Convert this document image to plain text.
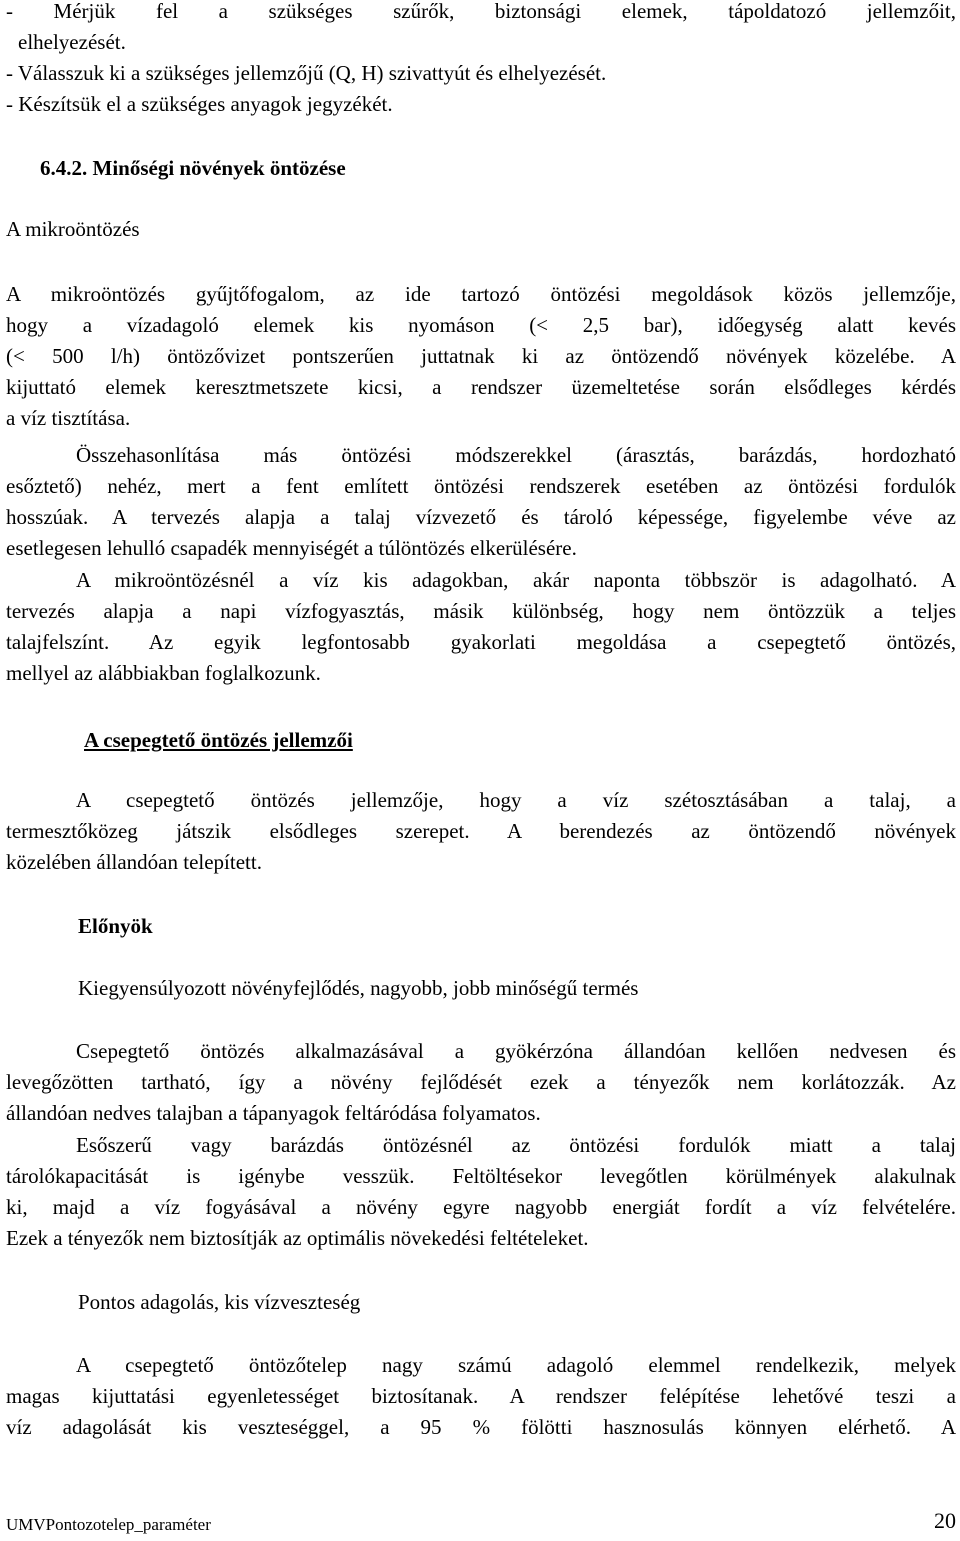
- Mérjük fel a szükséges szűrők, biztonsági elemek, tápoldatozó jellemzőit,
elhelyezését.
- Válasszuk ki a szükséges jellemzőjű (Q, H) szivattyút és elhelyezését.
- Készítsük el a szükséges anyagok jegyzékét.
6.4.2. Minőségi növények öntözése
A mikroöntözés
A mikroöntözés gyűjtőfogalom, az ide tartozó öntözési megoldások közös jellemzője,
hogy a vízadagoló elemek kis nyomáson (< 2,5 bar), időegység alatt kevés
(< 500 l/h) öntözővizet pontszerűen juttatnak ki az öntözendő növények közelébe. A
kijuttató elemek keresztmetszete kicsi, a rendszer üzemeltetése során elsődleges kérdés
a víz tisztítása.
Összehasonlítása más öntözési módszerekkel (árasztás, barázdás, hordozható
esőztető) nehéz, mert a fent említett öntözési rendszerek esetében az öntözési fordulók
hosszúak. A tervezés alapja a talaj vízvezető és tároló képessége, figyelembe véve az
esetlegesen lehulló csapadék mennyiségét a túlöntözés elkerülésére.
A mikroöntözésnél a víz kis adagokban, akár naponta többször is adagolható. A
tervezés alapja a napi vízfogyasztás, másik különbség, hogy nem öntözzük a teljes
talajfelszínt. Az egyik legfontosabb gyakorlati megoldása a csepegtető öntözés,
mellyel az alábbiakban foglalkozunk.
A csepegtető öntözés jellemzői
A csepegtető öntözés jellemzője, hogy a víz szétosztásában a talaj, a
termesztőközeg játszik elsődleges szerepet. A berendezés az öntözendő növények
közelében állandóan telepített.
Előnyök
Kiegyensúlyozott növényfejlődés, nagyobb, jobb minőségű termés
Csepegtető öntözés alkalmazásával a gyökérzóna állandóan kellően nedvesen és
levegőzötten tartható, így a növény fejlődését ezek a tényezők nem korlátozzák. Az
állandóan nedves talajban a tápanyagok feltáródása folyamatos.
Esőszerű vagy barázdás öntözésnél az öntözési fordulók miatt a talaj
tárolókapacitását is igénybe vesszük. Feltöltésekor levegőtlen körülmények alakulnak
ki, majd a víz fogyásával a növény egyre nagyobb energiát fordít a víz felvételére.
Ezek a tényezők nem biztosítják az optimális növekedési feltételeket.
Pontos adagolás, kis vízveszteség
A csepegtető öntözőtelep nagy számú adagoló elemmel rendelkezik, melyek
magas kijuttatási egyenletességet biztosítanak. A rendszer felépítése lehetővé teszi a
víz adagolását kis veszteséggel, a 95 % fölötti hasznosulás könnyen elérhető. A
UMVPontozotelep_paraméter	20
